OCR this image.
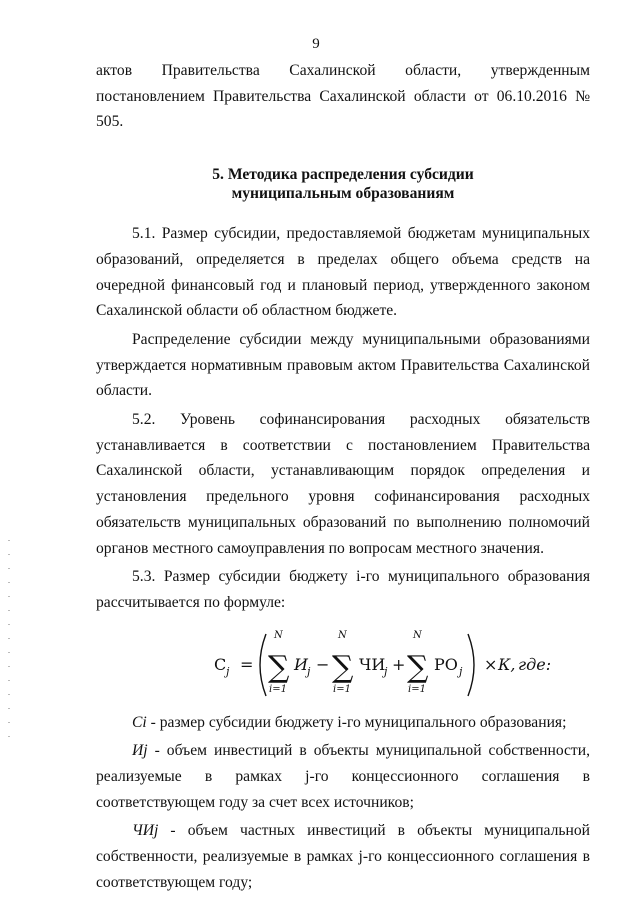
9

актов Правительства Сахалинской области, утвержденным постановлением Правительства Сахалинской области от 06.10.2016 № 505.

5. Методика распределения субсидии
муниципальным образованиям

5.1. Размер субсидии, предоставляемой бюджетам муниципальных образований, определяется в пределах общего объема средств на очередной финансовый год и плановый период, утвержденного законом Сахалинской области об областном бюджете.

Распределение субсидии между муниципальными образованиями утверждается нормативным правовым актом Правительства Сахалинской области.

5.2. Уровень софинансирования расходных обязательств устанавливается в соответствии с постановлением Правительства Сахалинской области, устанавливающим порядок определения и установления предельного уровня софинансирования расходных обязательств муниципальных образований по выполнению полномочий органов местного самоуправления по вопросам местного значения.

5.3. Размер субсидии бюджету i-го муниципального образования рассчитывается по формуле:

С j =
N
∑
i=1
И j −
N
∑
i=1
ЧИ
j +
N
∑
i=1
РО j × К, где:

Сi - размер субсидии бюджету i-го муниципального образования;

Иj - объем инвестиций в объекты муниципальной собственности, реализуемые в рамках j-го концессионного соглашения в соответствующем году за счет всех источников;

ЧИj - объем частных инвестиций в объекты муниципальной собственности, реализуемые в рамках j-го концессионного соглашения в соответствующем году;
